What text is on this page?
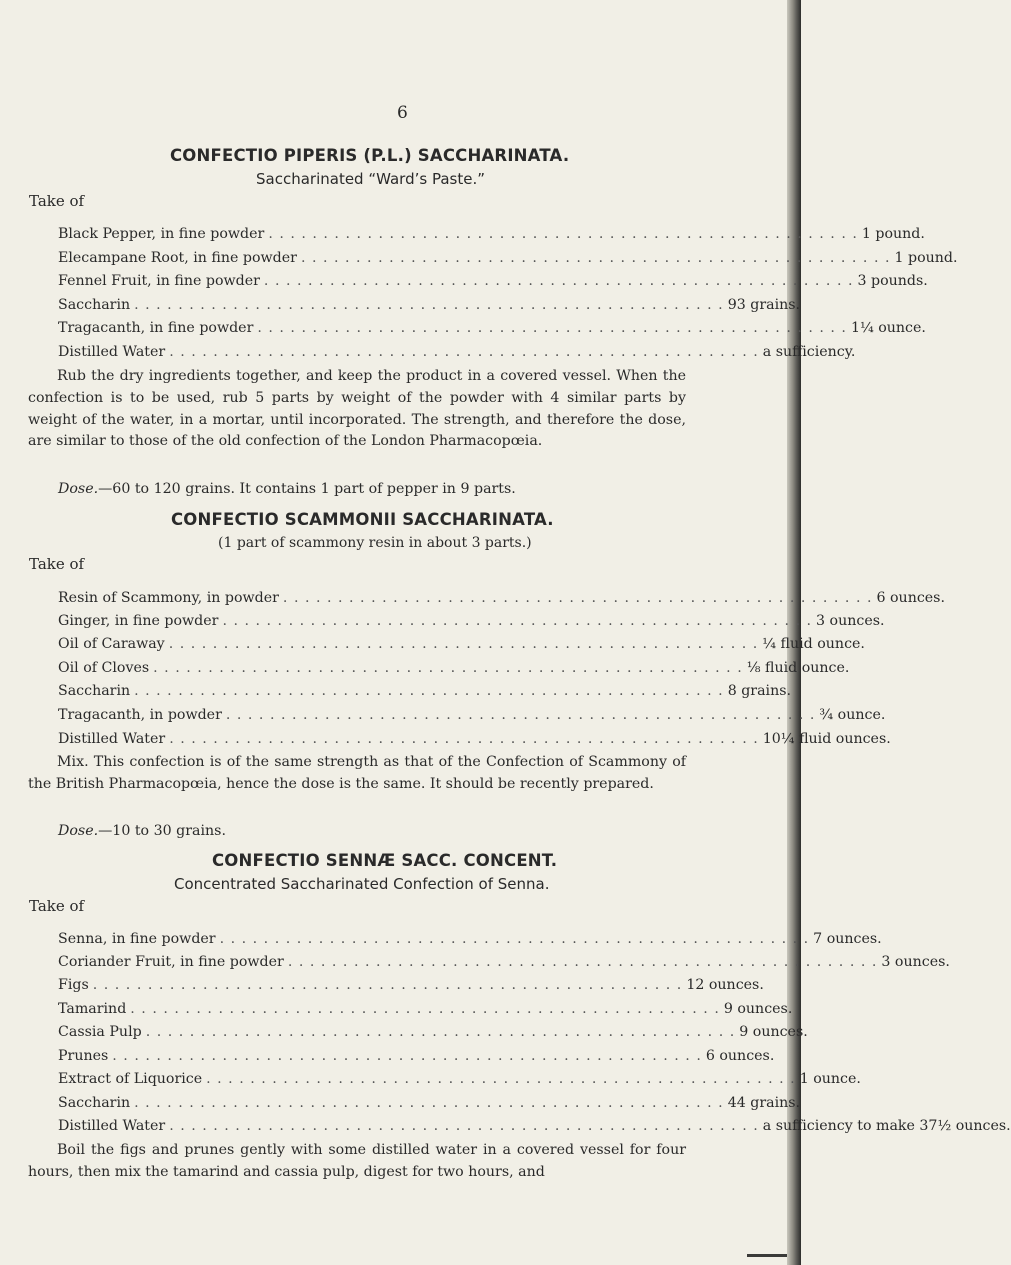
6
CONFECTIO PIPERIS (P.L.) SACCHARINATA.
Saccharinated “Ward’s Paste.”
Take of
Black Pepper, in fine powder . . . . . . . . . . . . . . . . . . . . . . . . . . . . . . . . . . . . . . . . . . . . . . . . . . . . . . 1 pound.
Elecampane Root, in fine powder . . . . . . . . . . . . . . . . . . . . . . . . . . . . . . . . . . . . . . . . . . . . . . . . . . . . . . 1 pound.
Fennel Fruit, in fine powder . . . . . . . . . . . . . . . . . . . . . . . . . . . . . . . . . . . . . . . . . . . . . . . . . . . . . . 3 pounds.
Saccharin . . . . . . . . . . . . . . . . . . . . . . . . . . . . . . . . . . . . . . . . . . . . . . . . . . . . . . 93 grains.
Tragacanth, in fine powder . . . . . . . . . . . . . . . . . . . . . . . . . . . . . . . . . . . . . . . . . . . . . . . . . . . . . . 1¼ ounce.
Distilled Water . . . . . . . . . . . . . . . . . . . . . . . . . . . . . . . . . . . . . . . . . . . . . . . . . . . . . . a sufficiency.

Rub the dry ingredients together, and keep the product in a covered vessel. When the confection is to be used, rub 5 parts by weight of the powder with 4 similar parts by weight of the water, in a mortar, until incorporated. The strength, and therefore the dose, are similar to those of the old confection of the London Pharmacopœia.

Dose.—60 to 120 grains. It contains 1 part of pepper in 9 parts.
CONFECTIO SCAMMONII SACCHARINATA.
(1 part of scammony resin in about 3 parts.)
Take of
Resin of Scammony, in powder . . . . . . . . . . . . . . . . . . . . . . . . . . . . . . . . . . . . . . . . . . . . . . . . . . . . . . 6 ounces.
Ginger, in fine powder . . . . . . . . . . . . . . . . . . . . . . . . . . . . . . . . . . . . . . . . . . . . . . . . . . . . . . 3 ounces.
Oil of Caraway . . . . . . . . . . . . . . . . . . . . . . . . . . . . . . . . . . . . . . . . . . . . . . . . . . . . . . ¼ fluid ounce.
Oil of Cloves . . . . . . . . . . . . . . . . . . . . . . . . . . . . . . . . . . . . . . . . . . . . . . . . . . . . . . ⅛ fluid ounce.
Saccharin . . . . . . . . . . . . . . . . . . . . . . . . . . . . . . . . . . . . . . . . . . . . . . . . . . . . . . 8 grains.
Tragacanth, in powder . . . . . . . . . . . . . . . . . . . . . . . . . . . . . . . . . . . . . . . . . . . . . . . . . . . . . . ¾ ounce.
Distilled Water . . . . . . . . . . . . . . . . . . . . . . . . . . . . . . . . . . . . . . . . . . . . . . . . . . . . . . 10¼ fluid ounces.

Mix. This confection is of the same strength as that of the Confection of Scammony of the British Pharmacopœia, hence the dose is the same. It should be recently prepared.

Dose.—10 to 30 grains.
CONFECTIO SENNÆ SACC. CONCENT.
Concentrated Saccharinated Confection of Senna.
Take of
Senna, in fine powder . . . . . . . . . . . . . . . . . . . . . . . . . . . . . . . . . . . . . . . . . . . . . . . . . . . . . . 7 ounces.
Coriander Fruit, in fine powder . . . . . . . . . . . . . . . . . . . . . . . . . . . . . . . . . . . . . . . . . . . . . . . . . . . . . . 3 ounces.
Figs . . . . . . . . . . . . . . . . . . . . . . . . . . . . . . . . . . . . . . . . . . . . . . . . . . . . . . 12 ounces.
Tamarind . . . . . . . . . . . . . . . . . . . . . . . . . . . . . . . . . . . . . . . . . . . . . . . . . . . . . . 9 ounces.
Cassia Pulp . . . . . . . . . . . . . . . . . . . . . . . . . . . . . . . . . . . . . . . . . . . . . . . . . . . . . . 9 ounces.
Prunes . . . . . . . . . . . . . . . . . . . . . . . . . . . . . . . . . . . . . . . . . . . . . . . . . . . . . . 6 ounces.
Extract of Liquorice . . . . . . . . . . . . . . . . . . . . . . . . . . . . . . . . . . . . . . . . . . . . . . . . . . . . . . 1 ounce.
Saccharin . . . . . . . . . . . . . . . . . . . . . . . . . . . . . . . . . . . . . . . . . . . . . . . . . . . . . . 44 grains.
Distilled Water . . . . . . . . . . . . . . . . . . . . . . . . . . . . . . . . . . . . . . . . . . . . . . . . . . . . . . a sufficiency to make 37½ ounces.

Boil the figs and prunes gently with some distilled water in a covered vessel for four hours, then mix the tamarind and cassia pulp, digest for two hours, and
